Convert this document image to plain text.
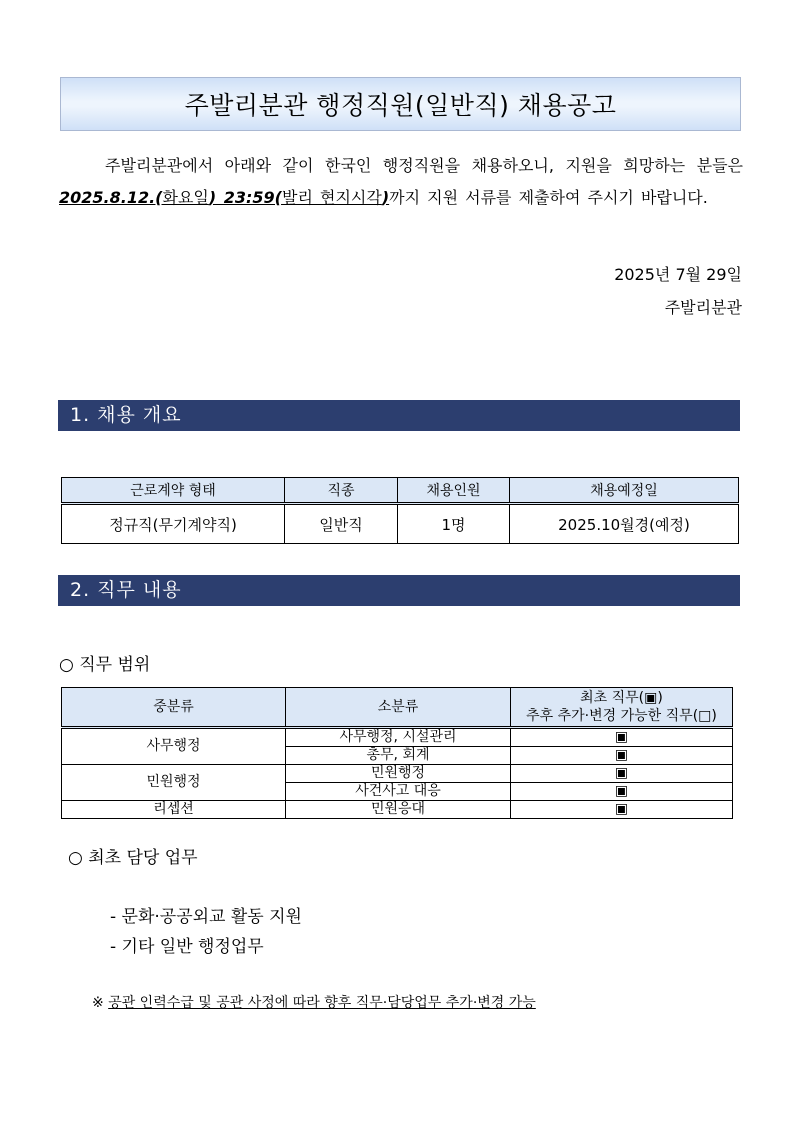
주발리분관 행정직원(일반직) 채용공고
주발리분관에서 아래와 같이 한국인 행정직원을 채용하오니, 지원을 희망하는 분들은 2025.8.12.(화요일) 23:59(발리 현지시각)까지 지원 서류를 제출하여 주시기 바랍니다.
2025년 7월 29일
주발리분관
1. 채용 개요
근로계약 형태	직종	채용인원	채용예정일
정규직(무기계약직)	일반직	1명	2025.10월경(예정)
2. 직무 내용
○ 직무 범위
중분류	소분류	최초 직무(▣)
추후 추가·변경 가능한 직무(□)

사무행정	사무행정, 시설관리	▣
	총무, 회계	▣
민원행정	민원행정	▣
	사건사고 대응	▣
리셉션	민원응대	▣
○ 최초 담당 업무
- 문화·공공외교 활동 지원
- 기타 일반 행정업무
※ 공관 인력수급 및 공관 사정에 따라 향후 직무·담당업무 추가·변경 가능
